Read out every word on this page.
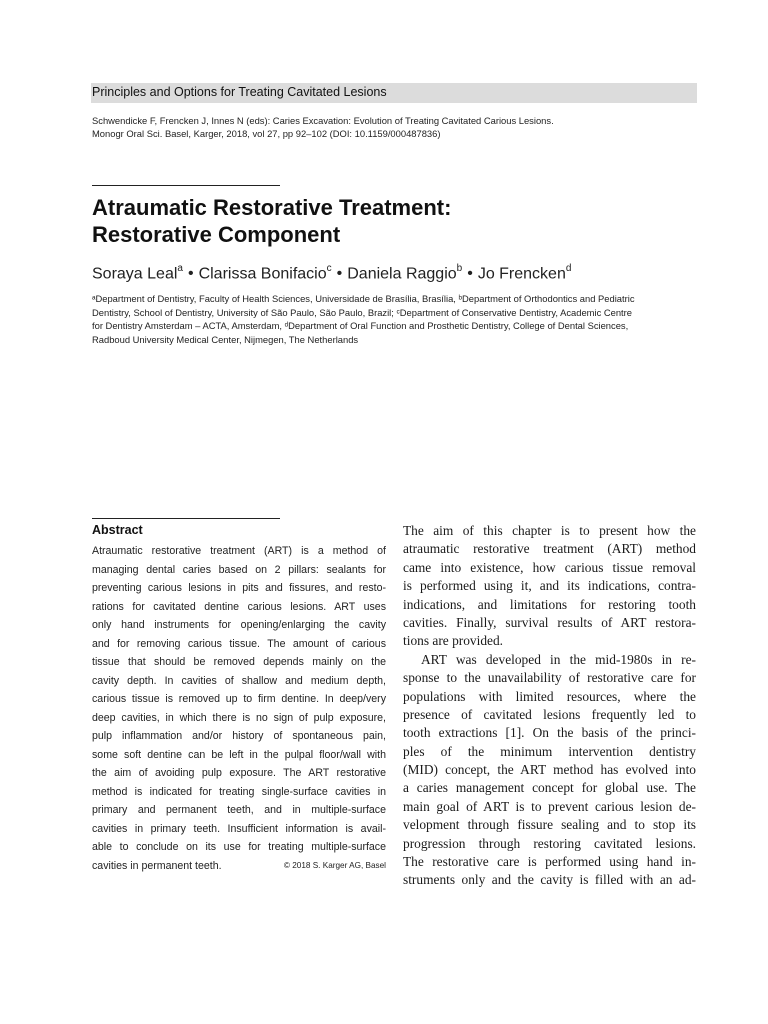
Principles and Options for Treating Cavitated Lesions
Schwendicke F, Frencken J, Innes N (eds): Caries Excavation: Evolution of Treating Cavitated Carious Lesions.
Monogr Oral Sci. Basel, Karger, 2018, vol 27, pp 92–102 (DOI: 10.1159/000487836)
Atraumatic Restorative Treatment:
Restorative Component
Soraya Leal$^a$ • Clarissa Bonifacio$^c$ • Daniela Raggio$^b$ • Jo Frencken$^d$
ᵃDepartment of Dentistry, Faculty of Health Sciences, Universidade de Brasília, Brasília, ᵇDepartment of Orthodontics and Pediatric
Dentistry, School of Dentistry, University of São Paulo, São Paulo, Brazil; ᶜDepartment of Conservative Dentistry, Academic Centre
for Dentistry Amsterdam – ACTA, Amsterdam, ᵈDepartment of Oral Function and Prosthetic Dentistry, College of Dental Sciences,
Radboud University Medical Center, Nijmegen, The Netherlands
Abstract
Atraumatic restorative treatment (ART) is a method of
managing dental caries based on 2 pillars: sealants for
preventing carious lesions in pits and fissures, and resto-
rations for cavitated dentine carious lesions. ART uses
only hand instruments for opening/enlarging the cavity
and for removing carious tissue. The amount of carious
tissue that should be removed depends mainly on the
cavity depth. In cavities of shallow and medium depth,
carious tissue is removed up to firm dentine. In deep/very
deep cavities, in which there is no sign of pulp exposure,
pulp inflammation and/or history of spontaneous pain,
some soft dentine can be left in the pulpal floor/wall with
the aim of avoiding pulp exposure. The ART restorative
method is indicated for treating single-surface cavities in
primary and permanent teeth, and in multiple-surface
cavities in primary teeth. Insufficient information is avail-
able to conclude on its use for treating multiple-surface
cavities in permanent teeth.	© 2018 S. Karger AG, Basel
The aim of this chapter is to present how the
atraumatic restorative treatment (ART) method
came into existence, how carious tissue removal
is performed using it, and its indications, contra-
indications, and limitations for restoring tooth
cavities. Finally, survival results of ART restora-
tions are provided.
ART was developed in the mid-1980s in re-
sponse to the unavailability of restorative care for
populations with limited resources, where the
presence of cavitated lesions frequently led to
tooth extractions [1]. On the basis of the princi-
ples of the minimum intervention dentistry
(MID) concept, the ART method has evolved into
a caries management concept for global use. The
main goal of ART is to prevent carious lesion de-
velopment through fissure sealing and to stop its
progression through restoring cavitated lesions.
The restorative care is performed using hand in-
struments only and the cavity is filled with an ad-
